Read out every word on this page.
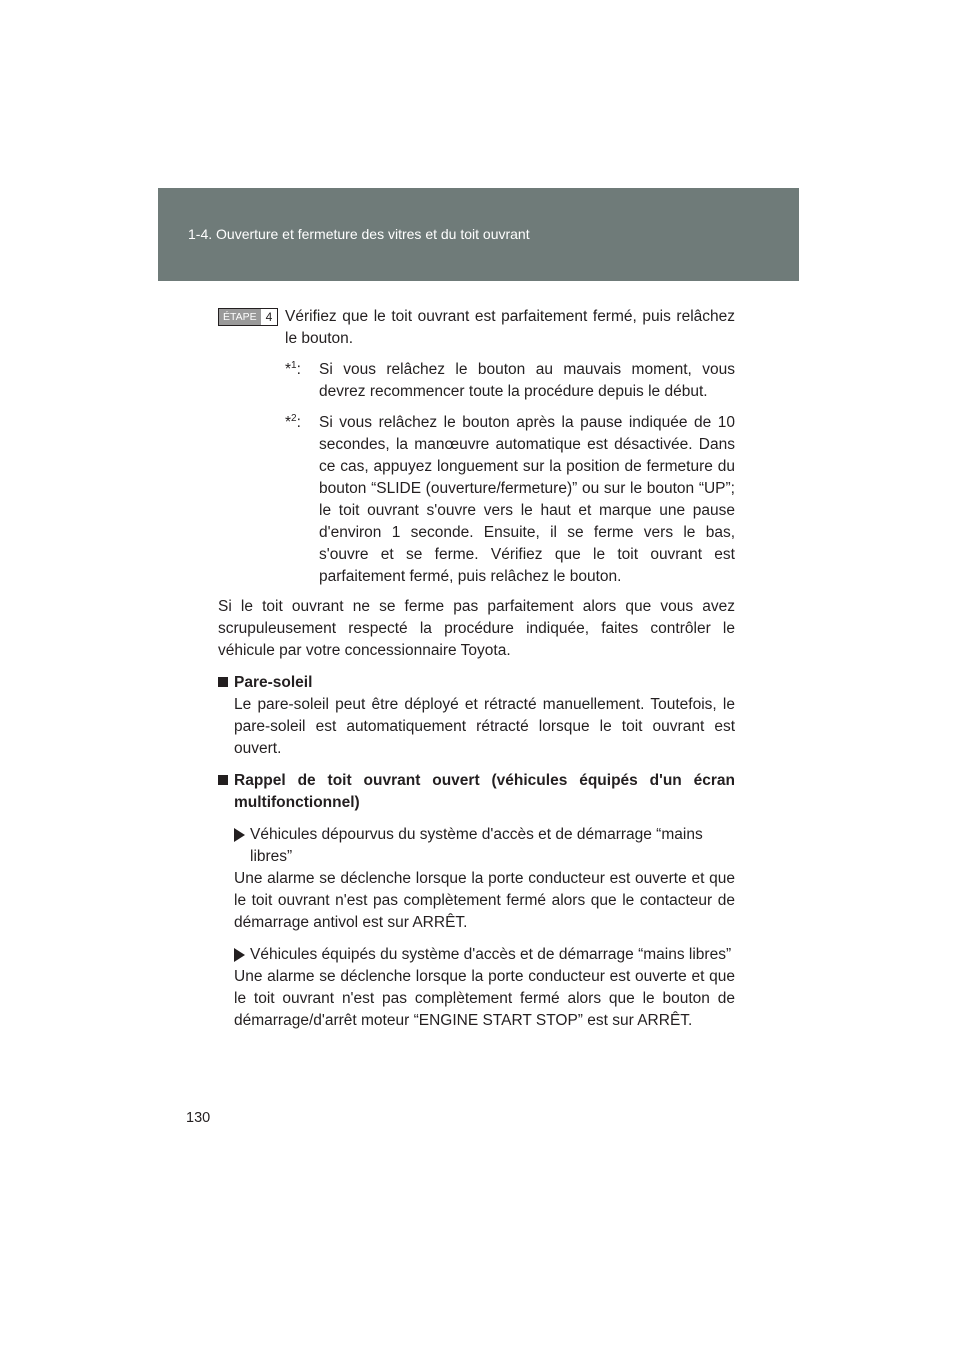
1-4. Ouverture et fermeture des vitres et du toit ouvrant
ÉTAPE 4 Vérifiez que le toit ouvrant est parfaitement fermé, puis relâchez le bouton.

*$^1$: Si vous relâchez le bouton au mauvais moment, vous devrez recommencer toute la procédure depuis le début.

*$^2$: Si vous relâchez le bouton après la pause indiquée de 10 secondes, la manœuvre automatique est désactivée. Dans ce cas, appuyez longuement sur la position de fermeture du bouton “SLIDE (ouverture/fermeture)” ou sur le bouton “UP”; le toit ouvrant s'ouvre vers le haut et marque une pause d'environ 1 seconde. Ensuite, il se ferme vers le bas, s'ouvre et se ferme. Vérifiez que le toit ouvrant est parfaitement fermé, puis relâchez le bouton.

Si le toit ouvrant ne se ferme pas parfaitement alors que vous avez scrupuleusement respecté la procédure indiquée, faites contrôler le véhicule par votre concessionnaire Toyota.

Pare-soleil

Le pare-soleil peut être déployé et rétracté manuellement. Toutefois, le pare-soleil est automatiquement rétracté lorsque le toit ouvrant est ouvert.

Rappel de toit ouvrant ouvert (véhicules équipés d'un écran multifonctionnel)
Véhicules dépourvus du système d'accès et de démarrage “mains libres”

Une alarme se déclenche lorsque la porte conducteur est ouverte et que le toit ouvrant n'est pas complètement fermé alors que le contacteur de démarrage antivol est sur ARRÊT.

Véhicules équipés du système d'accès et de démarrage “mains libres”

Une alarme se déclenche lorsque la porte conducteur est ouverte et que le toit ouvrant n'est pas complètement fermé alors que le bouton de démarrage/d'arrêt moteur “ENGINE START STOP” est sur ARRÊT.

130
